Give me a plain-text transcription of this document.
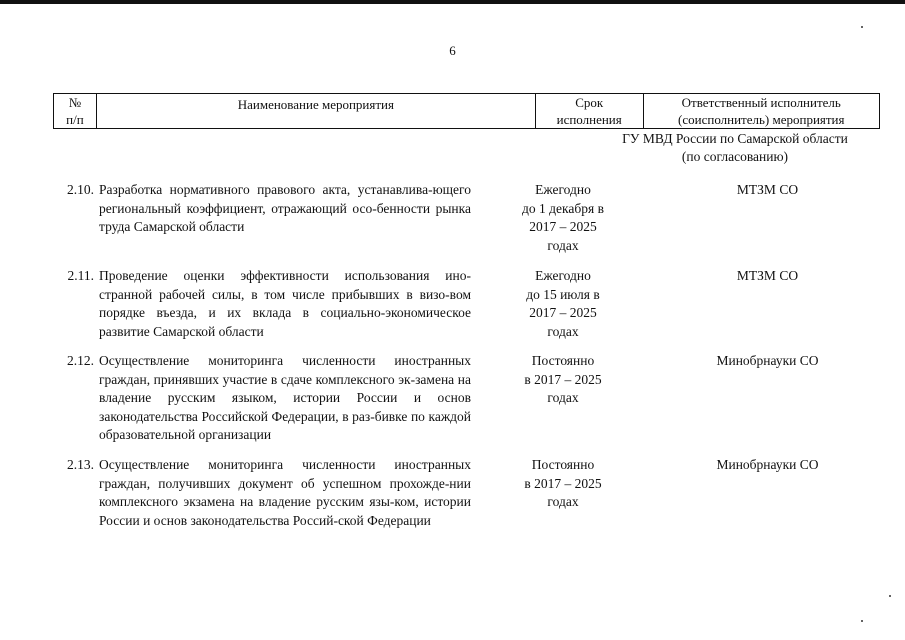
6
№
п/п
Наименование мероприятия	Срок
исполнения
Ответственный исполнитель
(соисполнитель) мероприятия
ГУ МВД России по Самарской области
(по согласованию)
2.10. Разработка нормативного правового акта, устанавлива-ющего региональный коэффициент, отражающий осо-бенности рынка труда Самарской области
Ежегодно
до 1 декабря в
2017 – 2025
годах
МТЗМ СО
2.11. Проведение оценки эффективности использования ино-странной рабочей силы, в том числе прибывших в визо-вом порядке въезда, и их вклада в социально-экономическое развитие Самарской области
Ежегодно
до 15 июля в
2017 – 2025
годах
МТЗМ СО
2.12. Осуществление мониторинга численности иностранных граждан, принявших участие в сдаче комплексного эк-замена на владение русским языком, истории России и основ законодательства Российской Федерации, в раз-бивке по каждой образовательной организации
Постоянно
в 2017 – 2025
годах
Минобрнауки СО
2.13. Осуществление мониторинга численности иностранных граждан, получивших документ об успешном прохожде-нии комплексного экзамена на владение русским язы-ком, истории России и основ законодательства Россий-ской Федерации
Постоянно
в 2017 – 2025
годах
Минобрнауки СО
